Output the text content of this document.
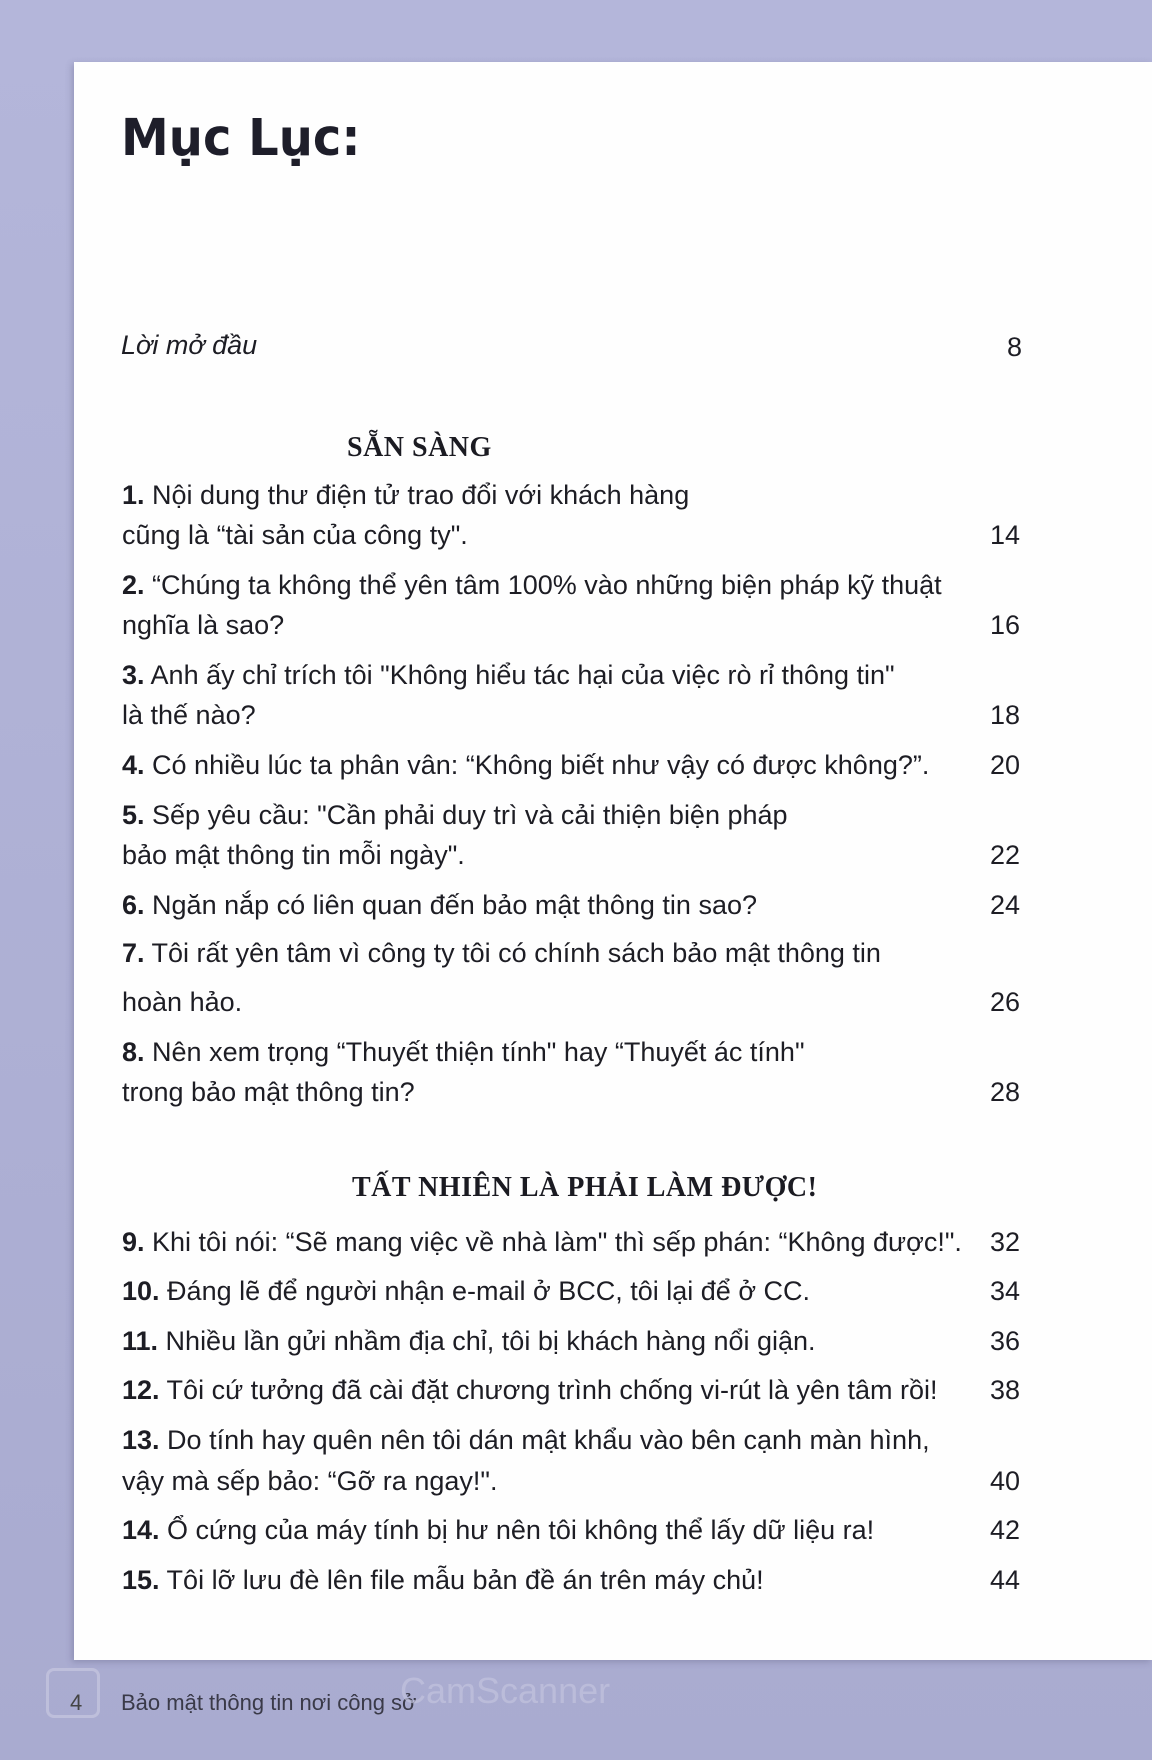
Mục Lục:
Lời mở đầu	8
SẴN SÀNG
1. Nội dung thư điện tử trao đổi với khách hàng
cũng là “tài sản của công ty".	14
2. “Chúng ta không thể yên tâm 100% vào những biện pháp kỹ thuật
nghĩa là sao?	16
3. Anh ấy chỉ trích tôi "Không hiểu tác hại của việc rò rỉ thông tin"
là thế nào?	18
4. Có nhiều lúc ta phân vân: “Không biết như vậy có được không?”.	20
5. Sếp yêu cầu: "Cần phải duy trì và cải thiện biện pháp
bảo mật thông tin mỗi ngày".	22
6. Ngăn nắp có liên quan đến bảo mật thông tin sao?	24
7. Tôi rất yên tâm vì công ty tôi có chính sách bảo mật thông tin
hoàn hảo.	26
8. Nên xem trọng “Thuyết thiện tính" hay “Thuyết ác tính"
trong bảo mật thông tin?	28
9. Khi tôi nói: “Sẽ mang việc về nhà làm" thì sếp phán: “Không được!".	32
10. Đáng lẽ để người nhận e-mail ở BCC, tôi lại để ở CC.	34
11. Nhiều lần gửi nhầm địa chỉ, tôi bị khách hàng nổi giận.	36
12. Tôi cứ tưởng đã cài đặt chương trình chống vi-rút là yên tâm rồi!	38
13. Do tính hay quên nên tôi dán mật khẩu vào bên cạnh màn hình,
vậy mà sếp bảo: “Gỡ ra ngay!".	40
14. Ổ cứng của máy tính bị hư nên tôi không thể lấy dữ liệu ra!	42
15. Tôi lỡ lưu đè lên file mẫu bản đề án trên máy chủ!	44
TẤT NHIÊN LÀ PHẢI LÀM ĐƯỢC!
4 Bảo mật thông tin nơi công sở
CamScanner
